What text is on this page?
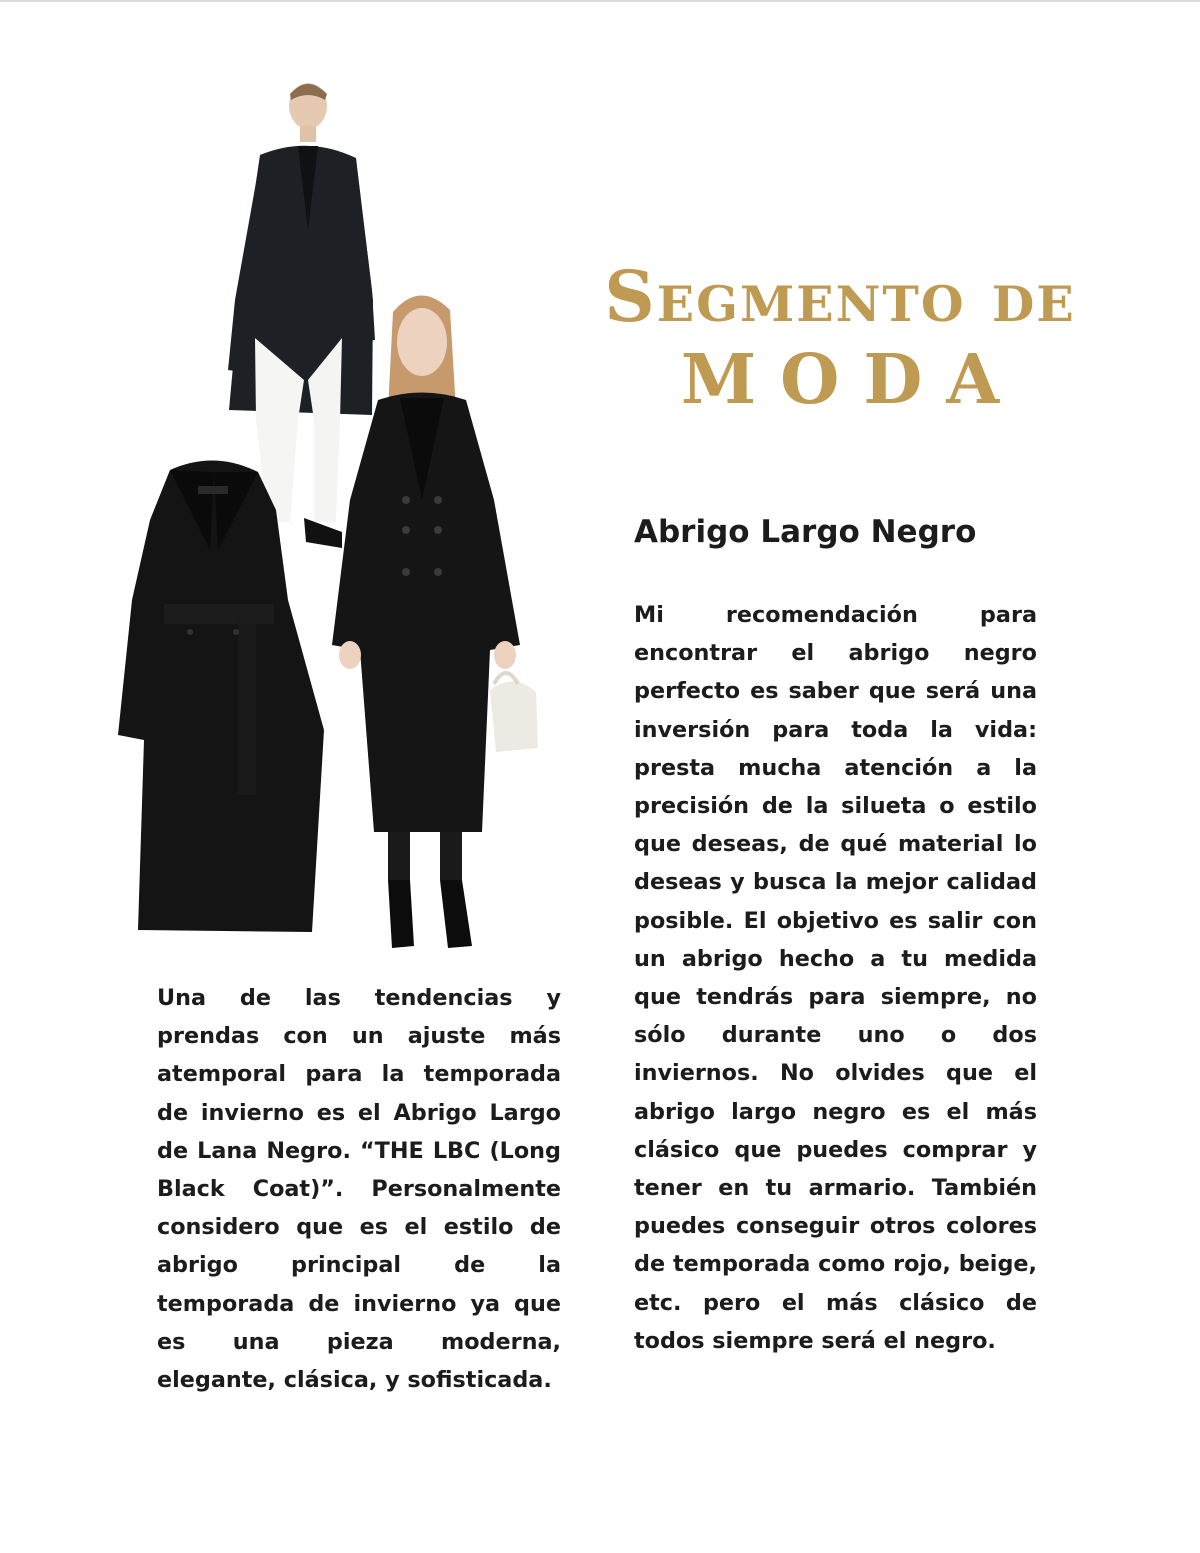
Segmento de
MODA
Abrigo Largo Negro
Una de las tendencias y prendas con un ajuste más atemporal para la temporada de invierno es el Abrigo Largo de Lana Negro. “THE LBC (Long Black Coat)”. Personalmente considero que es el estilo de abrigo principal de la temporada de invierno ya que es una pieza moderna, elegante, clásica, y sofisticada.
Mi recomendación para encontrar el abrigo negro perfecto es saber que será una inversión para toda la vida: presta mucha atención a la precisión de la silueta o estilo que deseas, de qué material lo deseas y busca la mejor calidad posible. El objetivo es salir con un abrigo hecho a tu medida que tendrás para siempre, no sólo durante uno o dos inviernos. No olvides que el abrigo largo negro es el más clásico que puedes comprar y tener en tu armario. También puedes conseguir otros colores de temporada como rojo, beige, etc. pero el más clásico de todos siempre será el negro.
